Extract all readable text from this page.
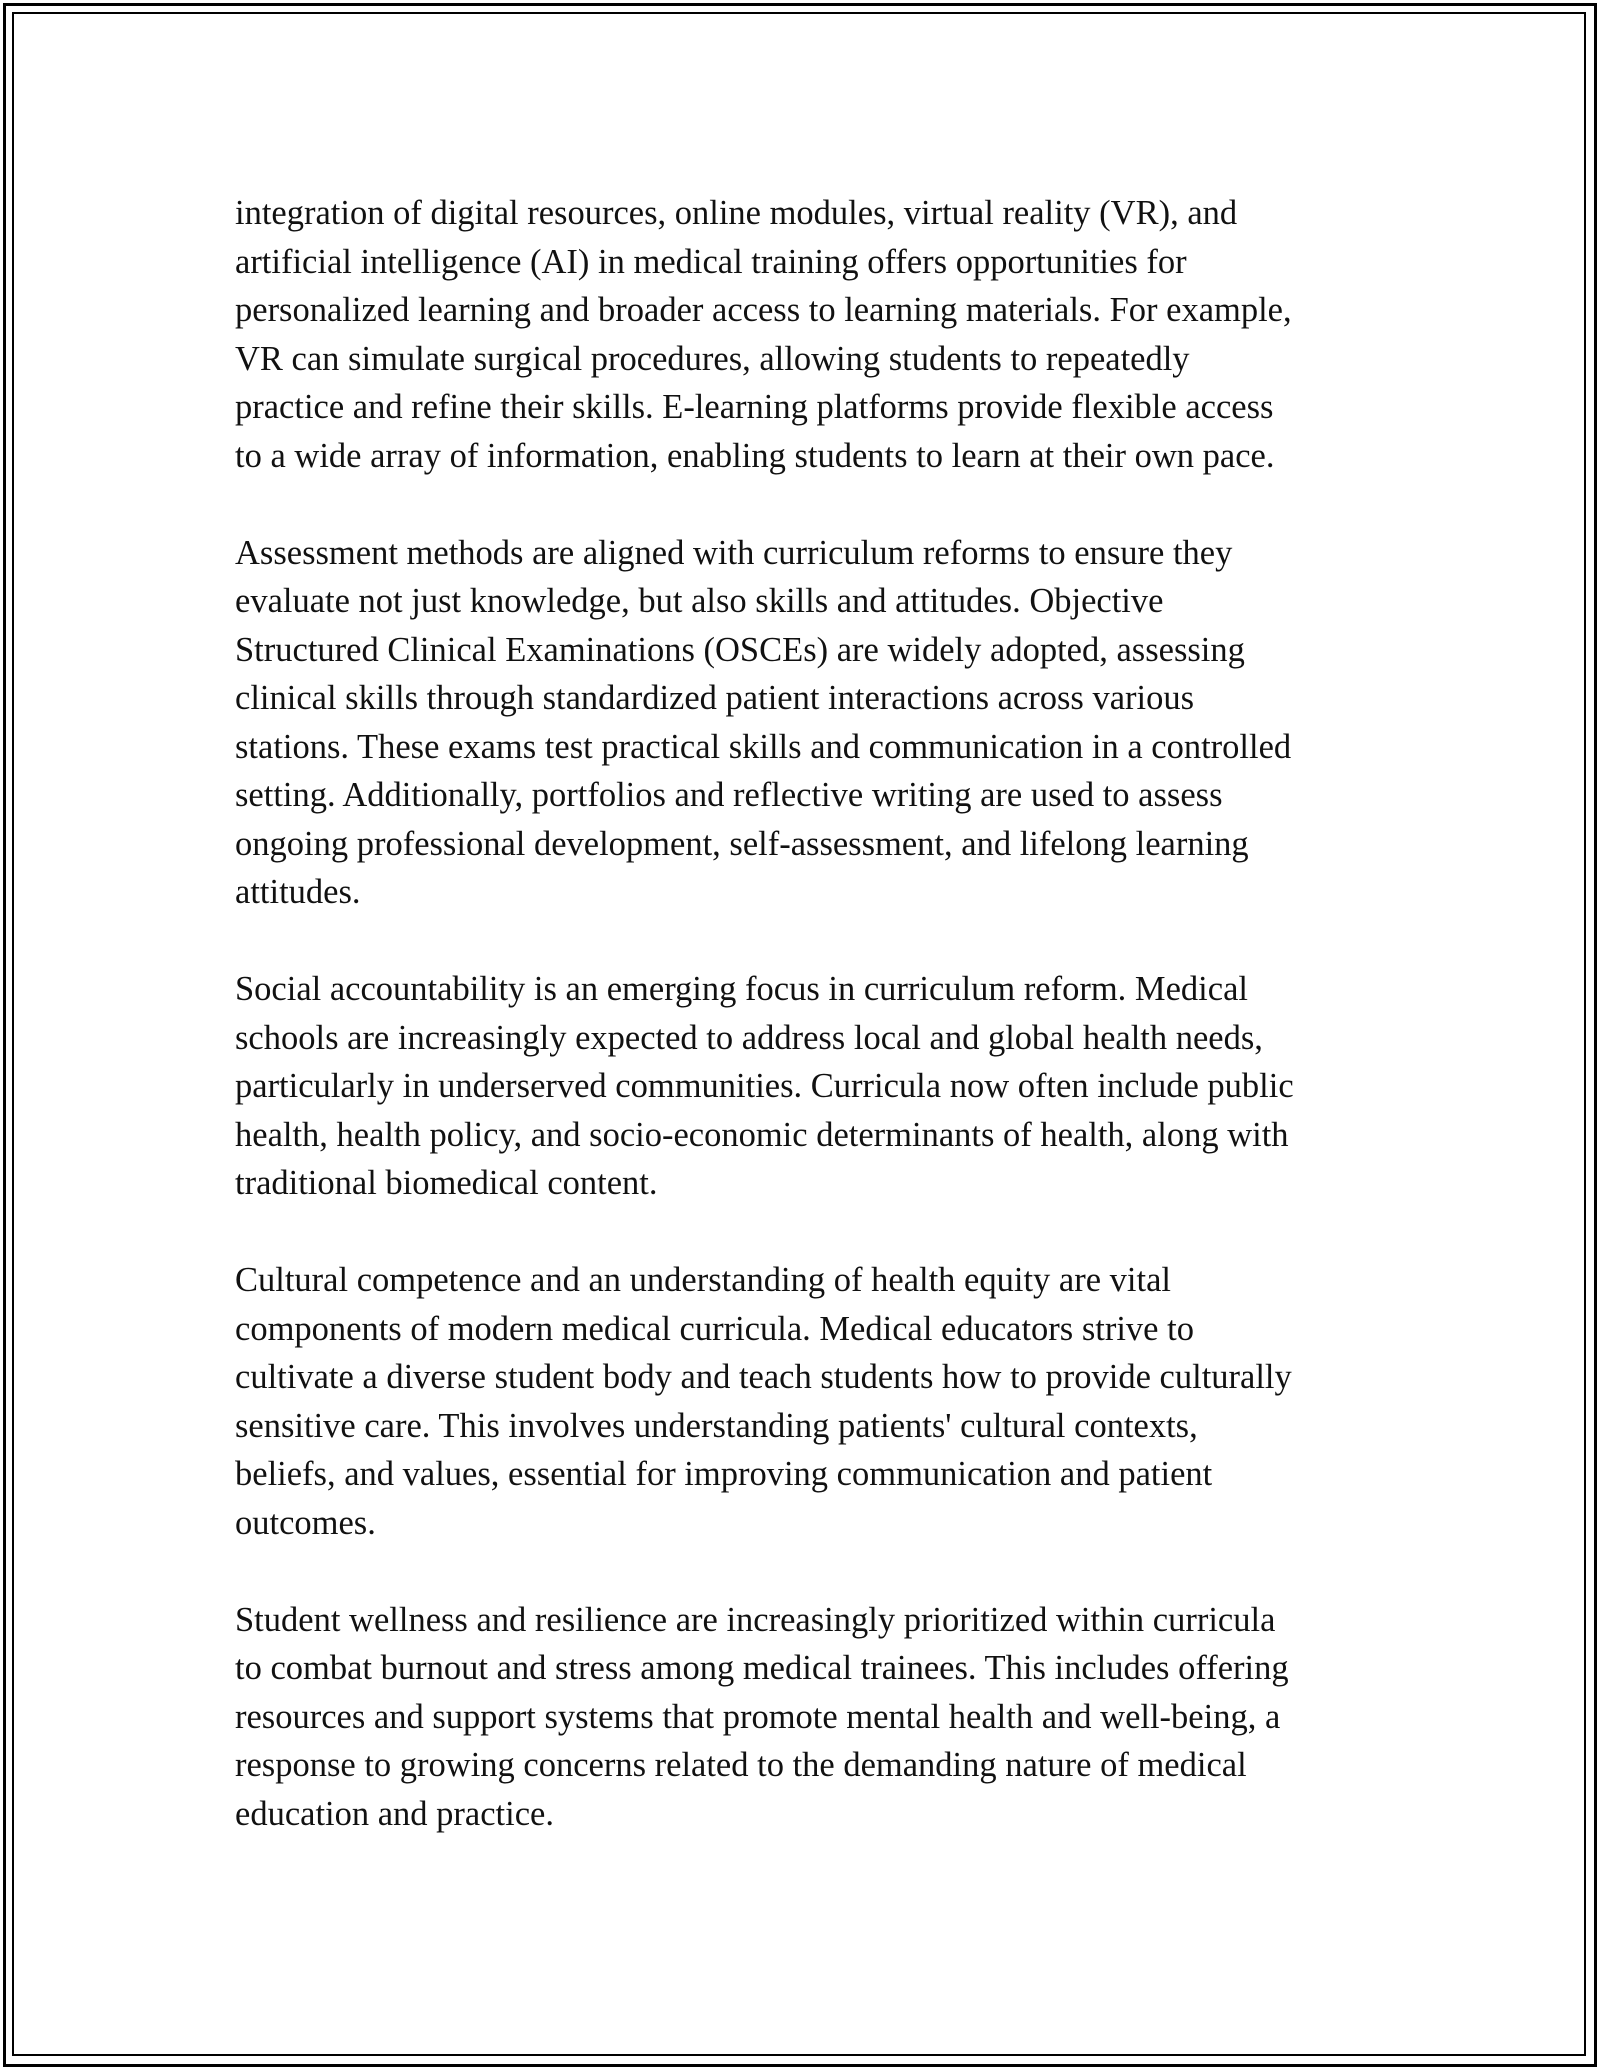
integration of digital resources, online modules, virtual reality (VR), and
artificial intelligence (AI) in medical training offers opportunities for
personalized learning and broader access to learning materials. For example,
VR can simulate surgical procedures, allowing students to repeatedly
practice and refine their skills. E-learning platforms provide flexible access
to a wide array of information, enabling students to learn at their own pace.

Assessment methods are aligned with curriculum reforms to ensure they
evaluate not just knowledge, but also skills and attitudes. Objective
Structured Clinical Examinations (OSCEs) are widely adopted, assessing
clinical skills through standardized patient interactions across various
stations. These exams test practical skills and communication in a controlled
setting. Additionally, portfolios and reflective writing are used to assess
ongoing professional development, self-assessment, and lifelong learning
attitudes.

Social accountability is an emerging focus in curriculum reform. Medical
schools are increasingly expected to address local and global health needs,
particularly in underserved communities. Curricula now often include public
health, health policy, and socio-economic determinants of health, along with
traditional biomedical content.

Cultural competence and an understanding of health equity are vital
components of modern medical curricula. Medical educators strive to
cultivate a diverse student body and teach students how to provide culturally
sensitive care. This involves understanding patients' cultural contexts,
beliefs, and values, essential for improving communication and patient
outcomes.

Student wellness and resilience are increasingly prioritized within curricula
to combat burnout and stress among medical trainees. This includes offering
resources and support systems that promote mental health and well-being, a
response to growing concerns related to the demanding nature of medical
education and practice.
